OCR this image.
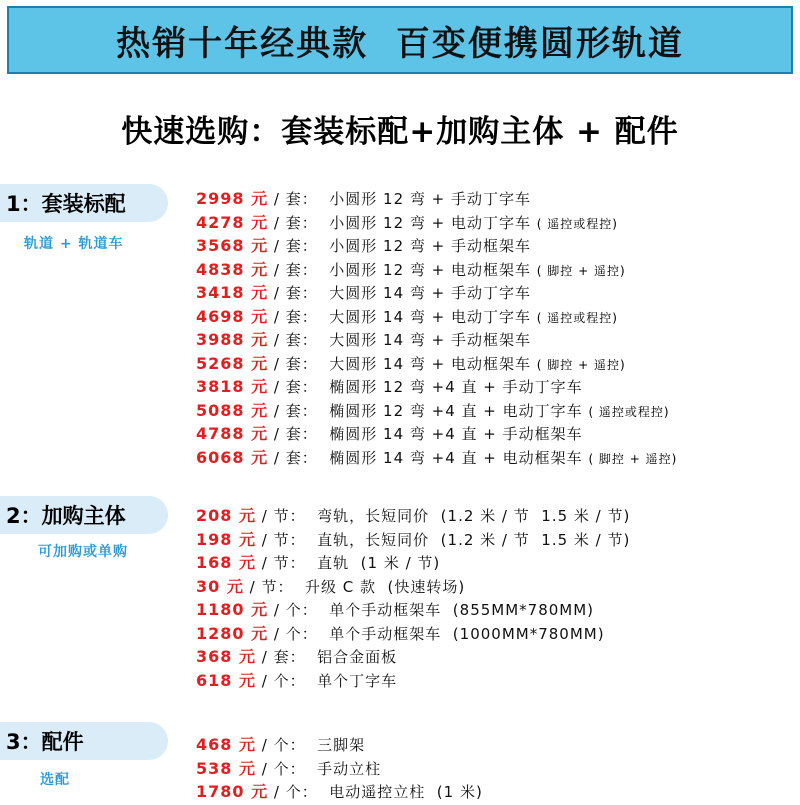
热销十年经典款  百变便携圆形轨道
快速选购：套装标配+加购主体 + 配件
1：套装标配
轨道 + 轨道车
2998 元 / 套： 小圆形 12 弯 + 手动丁字车
4278 元 / 套： 小圆形 12 弯 + 电动丁字车 ( 遥控或程控)
3568 元 / 套： 小圆形 12 弯 + 手动框架车
4838 元 / 套： 小圆形 12 弯 + 电动框架车 ( 脚控 + 遥控)
3418 元 / 套： 大圆形 14 弯 + 手动丁字车
4698 元 / 套： 大圆形 14 弯 + 电动丁字车 ( 遥控或程控)
3988 元 / 套： 大圆形 14 弯 + 手动框架车
5268 元 / 套： 大圆形 14 弯 + 电动框架车 ( 脚控 + 遥控)
3818 元 / 套： 椭圆形 12 弯 +4 直 + 手动丁字车
5088 元 / 套： 椭圆形 12 弯 +4 直 + 电动丁字车 ( 遥控或程控)
4788 元 / 套： 椭圆形 14 弯 +4 直 + 手动框架车
6068 元 / 套： 椭圆形 14 弯 +4 直 + 电动框架车 ( 脚控 + 遥控)
2：加购主体
可加购或单购
208 元 / 节： 弯轨，长短同价  (1.2 米 / 节  1.5 米 / 节)
198 元 / 节： 直轨，长短同价  (1.2 米 / 节  1.5 米 / 节)
168 元 / 节： 直轨  (1 米 / 节)
30 元 / 节： 升级 C 款  (快速转场)
1180 元 / 个： 单个手动框架车  (855MM*780MM)
1280 元 / 个： 单个手动框架车  (1000MM*780MM)
368 元 / 套： 铝合金面板
618 元 / 个： 单个丁字车
3：配件
选配
468 元 / 个： 三脚架
538 元 / 个： 手动立柱
1780 元 / 个： 电动遥控立柱  (1 米)
